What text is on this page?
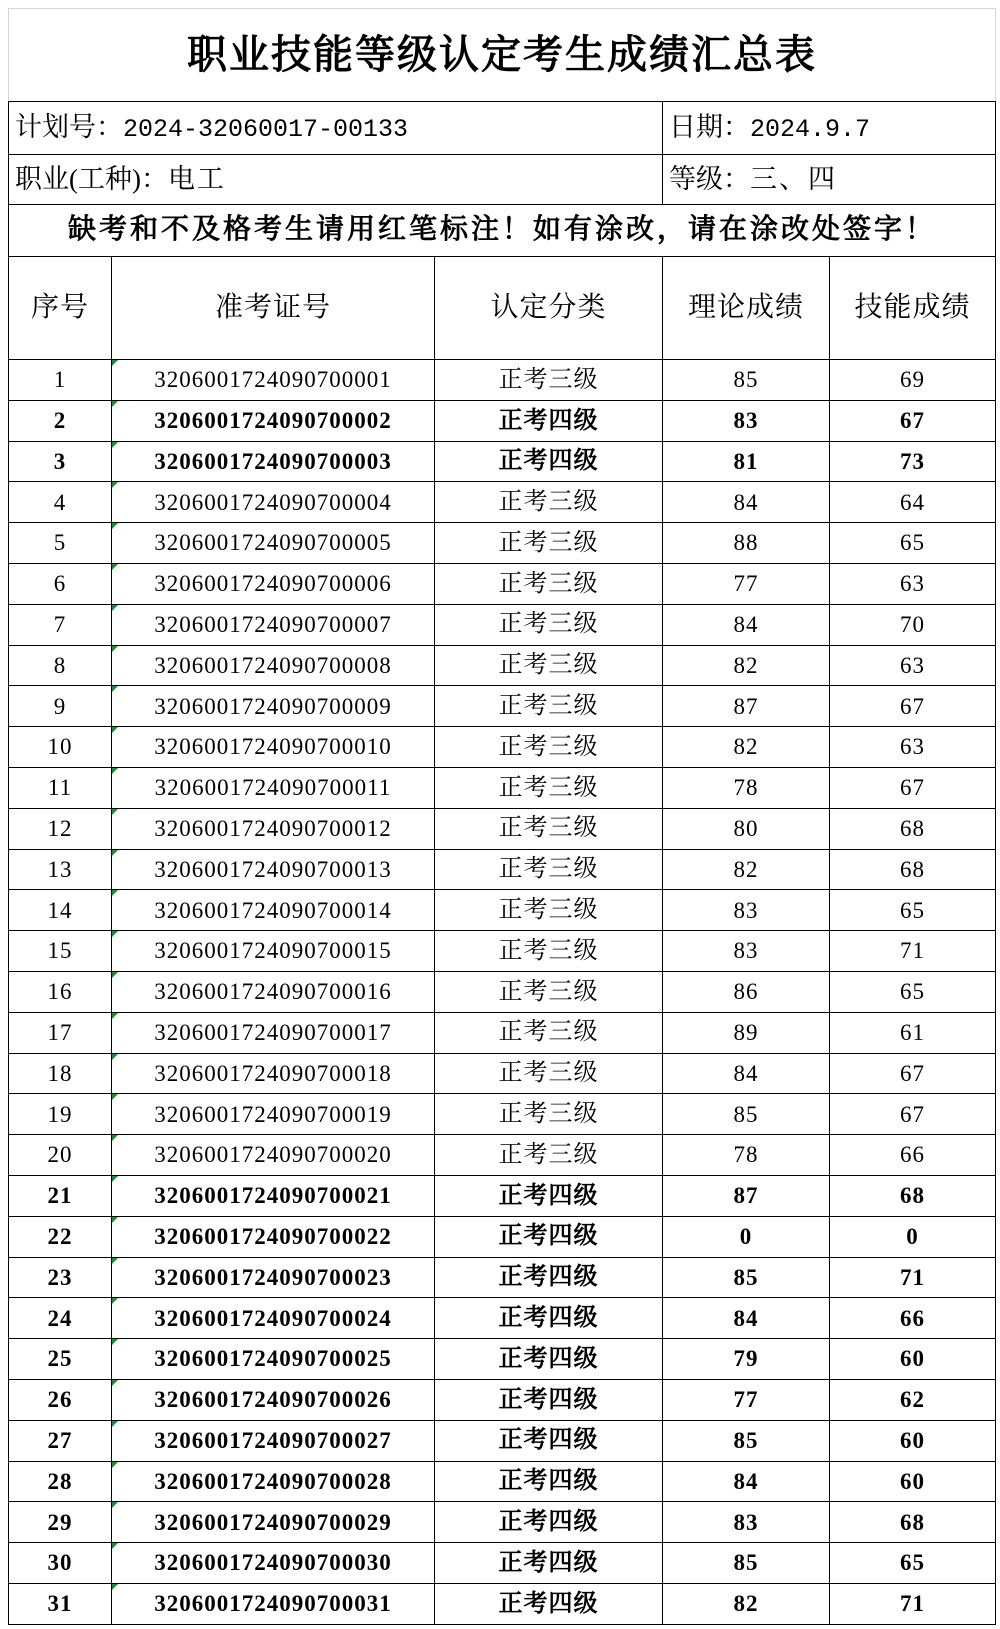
职业技能等级认定考生成绩汇总表				
计划号：2024-32060017-00133			日期：2024.9.7	
职业(工种)：电工			等级：三、四	
缺考和不及格考生请用红笔标注！如有涂改，请在涂改处签字！				
序号	准考证号	认定分类	理论成绩	技能成绩
1	3206001724090700001	正考三级	85	69
2	3206001724090700002	正考四级	83	67
3	3206001724090700003	正考四级	81	73
4	3206001724090700004	正考三级	84	64
5	3206001724090700005	正考三级	88	65
6	3206001724090700006	正考三级	77	63
7	3206001724090700007	正考三级	84	70
8	3206001724090700008	正考三级	82	63
9	3206001724090700009	正考三级	87	67
10	3206001724090700010	正考三级	82	63
11	3206001724090700011	正考三级	78	67
12	3206001724090700012	正考三级	80	68
13	3206001724090700013	正考三级	82	68
14	3206001724090700014	正考三级	83	65
15	3206001724090700015	正考三级	83	71
16	3206001724090700016	正考三级	86	65
17	3206001724090700017	正考三级	89	61
18	3206001724090700018	正考三级	84	67
19	3206001724090700019	正考三级	85	67
20	3206001724090700020	正考三级	78	66
21	3206001724090700021	正考四级	87	68
22	3206001724090700022	正考四级	0	0
23	3206001724090700023	正考四级	85	71
24	3206001724090700024	正考四级	84	66
25	3206001724090700025	正考四级	79	60
26	3206001724090700026	正考四级	77	62
27	3206001724090700027	正考四级	85	60
28	3206001724090700028	正考四级	84	60
29	3206001724090700029	正考四级	83	68
30	3206001724090700030	正考四级	85	65
31	3206001724090700031	正考四级	82	71
